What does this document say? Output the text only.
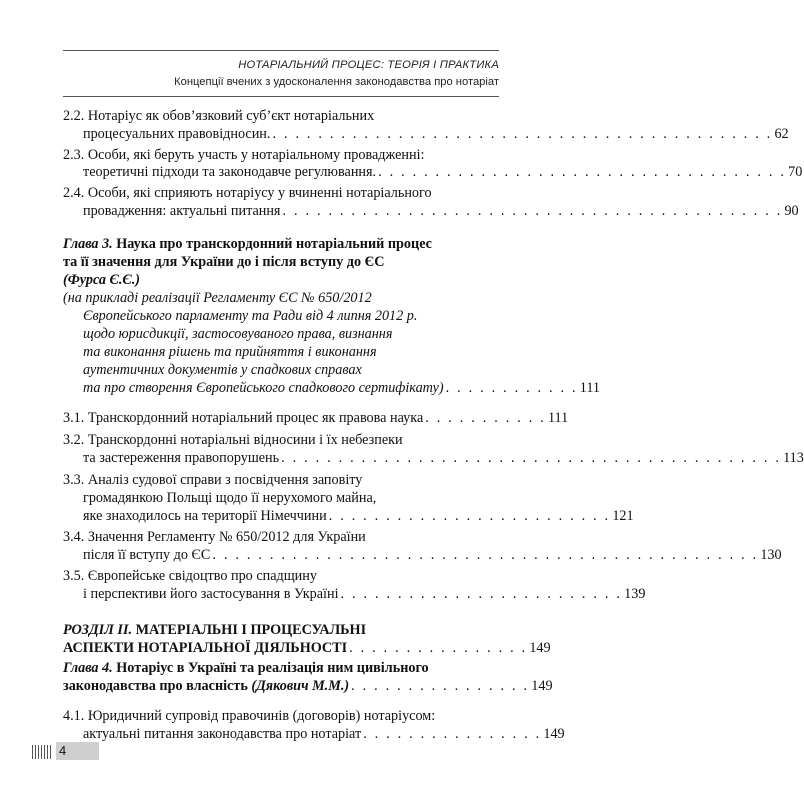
НОТАРІАЛЬНИЙ ПРОЦЕС: ТЕОРІЯ І ПРАКТИКА
Концепції вчених з удосконалення законодавства про нотаріат
2.2. Нотаріус як обов’язковий суб’єкт нотаріальних
процесуальних правовідносин. . . . . . . . . . . . . . . . . . . . . . . . . . . . . . . . . . . . . . . . . . . . . 62
2.3. Особи, які беруть участь у нотаріальному провадженні:
теоретичні підходи та законодавче регулювання. . . . . . . . . . . . . . . . . . . . . . . . . . . . . . . . . . . . . 70
2.4. Особи, які сприяють нотаріусу у вчиненні нотаріального
провадження: актуальні питання . . . . . . . . . . . . . . . . . . . . . . . . . . . . . . . . . . . . . . . . . . . . 90
Глава 3. Наука про транскордонний нотаріальний процес
та її значення для України до і після вступу до ЄС
(Фурса Є.Є.)
(на прикладі реалізації Регламенту ЄС № 650/2012
Європейського парламенту та Ради від 4 липня 2012 р.
щодо юрисдикції, застосовуваного права, визнання
та виконання рішень та прийняття і виконання
аутентичних документів у спадкових справах
та про створення Європейського спадкового сертифікату) . . . . . . . . . . . . 111
3.1. Транскордонний нотаріальний процес як правова наука . . . . . . . . . . . 111
3.2. Транскордонні нотаріальні відносини і їх небезпеки
та застереження правопорушень . . . . . . . . . . . . . . . . . . . . . . . . . . . . . . . . . . . . . . . . . . . . 113
3.3. Аналіз судової справи з посвідчення заповіту
громадянкою Польщі щодо її нерухомого майна,
яке знаходилось на території Німеччини . . . . . . . . . . . . . . . . . . . . . . . . . 121
3.4. Значення Регламенту № 650/2012 для України
після її вступу до ЄС . . . . . . . . . . . . . . . . . . . . . . . . . . . . . . . . . . . . . . . . . . . . . . . . 130
3.5. Європейське свідоцтво про спадщину
і перспективи його застосування в Україні . . . . . . . . . . . . . . . . . . . . . . . . . 139
РОЗДІЛ ІІ. МАТЕРІАЛЬНІ І ПРОЦЕСУАЛЬНІ
АСПЕКТИ НОТАРІАЛЬНОЇ ДІЯЛЬНОСТІ . . . . . . . . . . . . . . . . 149
Глава 4. Нотаріус в Україні та реалізація ним цивільного
законодавства про власність (Дякович М.М.) . . . . . . . . . . . . . . . . 149
4.1. Юридичний супровід правочинів (договорів) нотаріусом:
актуальні питання законодавства про нотаріат . . . . . . . . . . . . . . . . 149
4
